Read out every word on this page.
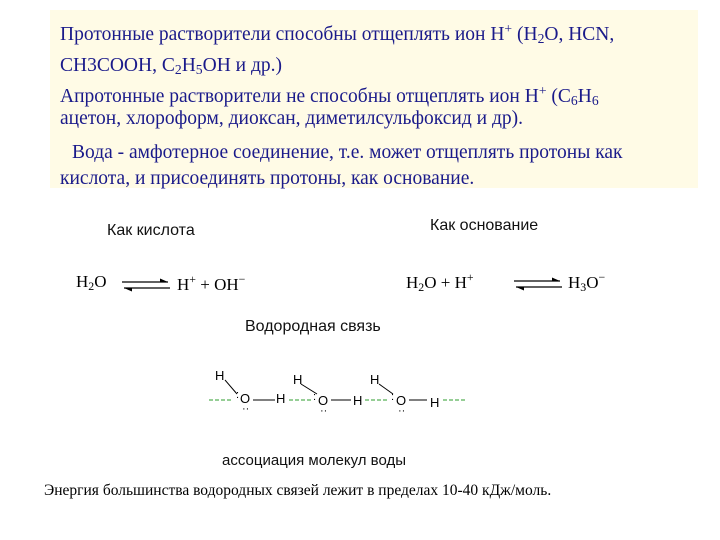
Протонные растворители способны отщеплять ион Н+ ($Н_2О$, HCN,

CH3COOH, $C_2H_5OH$ и др.)

Апротонные растворители не способны отщеплять ион Н+ ($С_6Н_6$

ацетон, хлороформ, диоксан, диметилсульфоксид и др).

Вода - амфотерное соединение, т.е. может отщеплять протоны как

кислота, и присоединять протоны, как основание.

Как кислота	Как основание
$H_2O$	H+ + OH−	$H_2O + H^+$	$H_3O^-$
Водородная связь
H
O
:
··
H
H
O
:
··
H
H
O
:
··
H
ассоциация молекул воды
Энергия большинства водородных связей лежит в пределах 10-40 кДж/моль.
